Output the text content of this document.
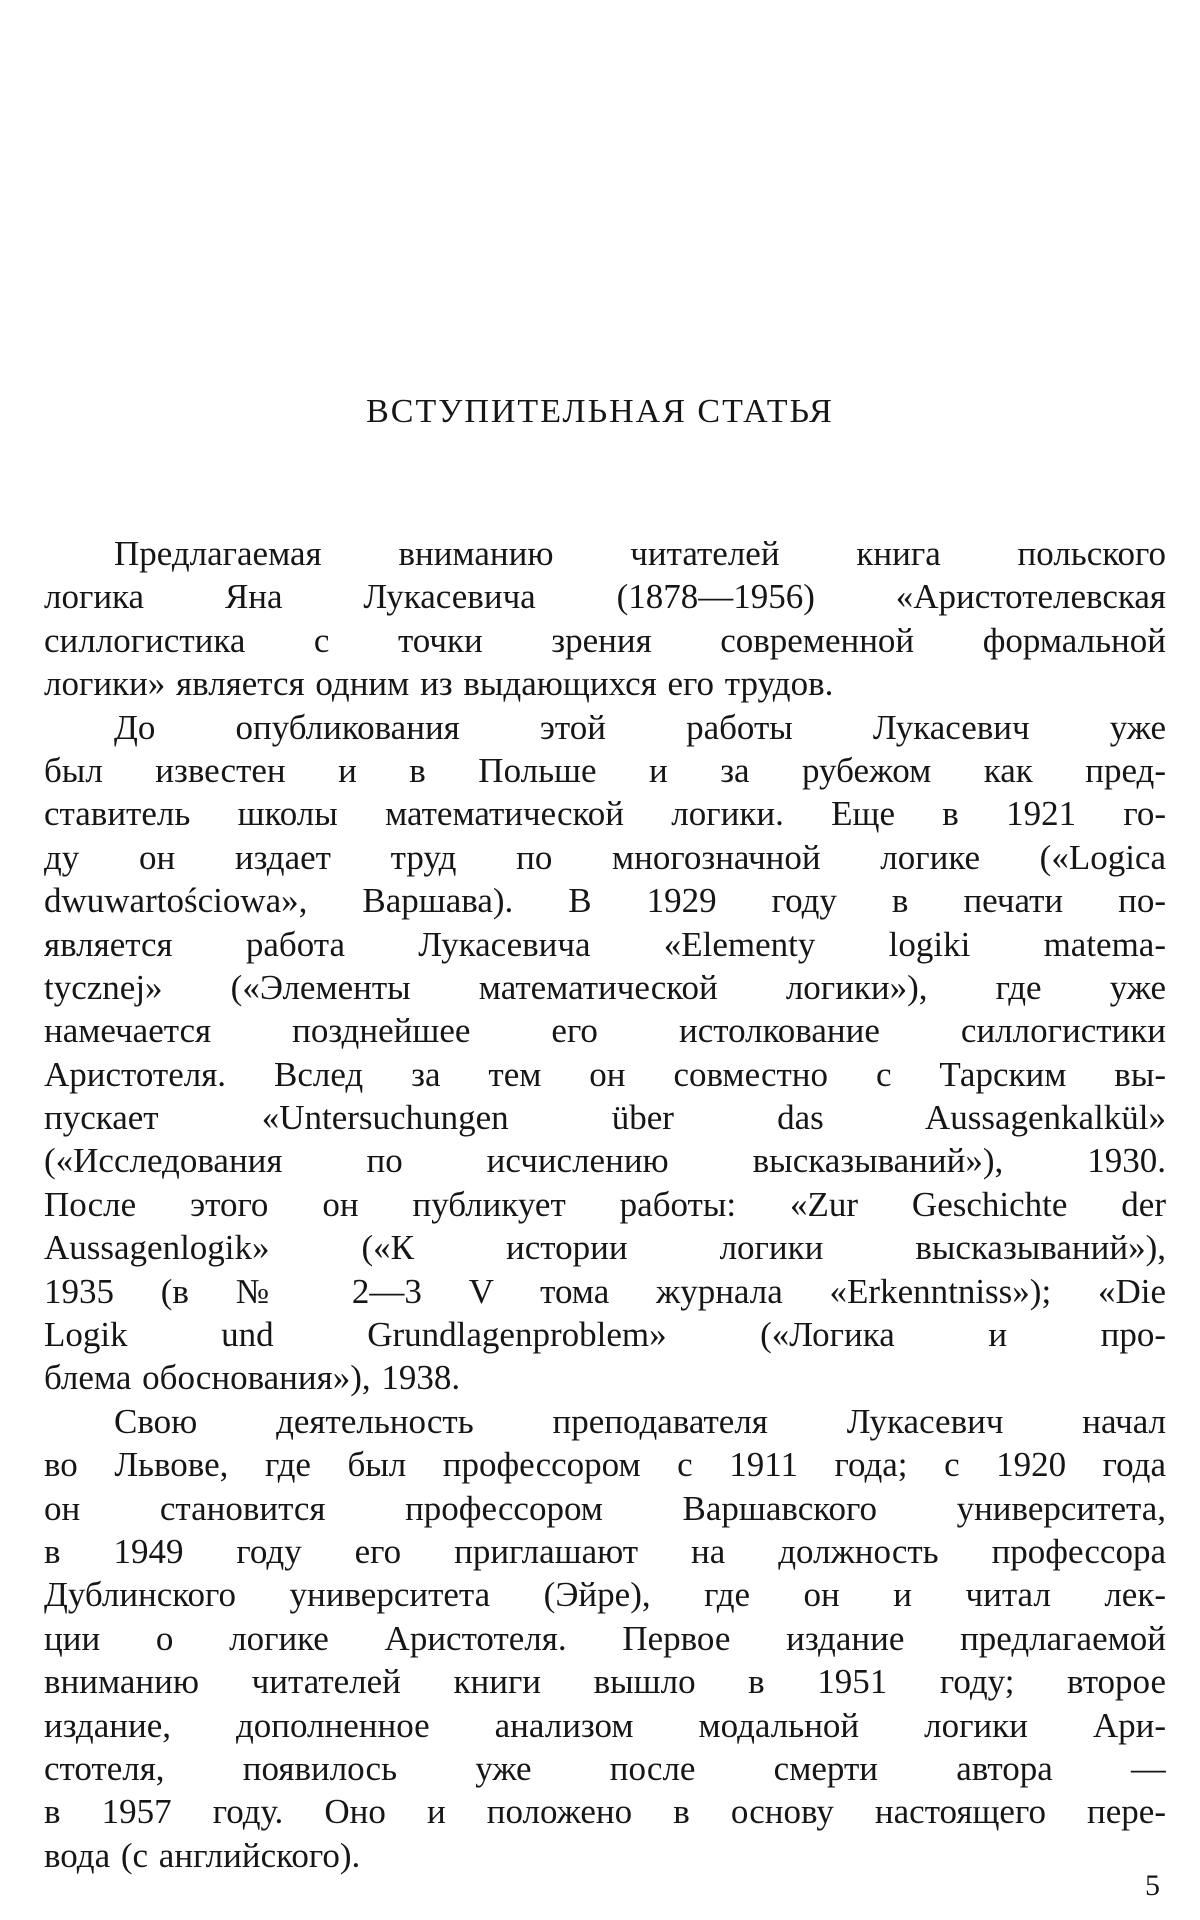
ВСТУПИТЕЛЬНАЯ СТАТЬЯ
Предлагаемая вниманию читателей книга польского
логика Яна Лукасевича (1878—1956) «Аристотелевская
силлогистика с точки зрения современной формальной
логики» является одним из выдающихся его трудов.
До опубликования этой работы Лукасевич уже
был известен и в Польше и за рубежом как пред-
ставитель школы математической логики. Еще в 1921 го-
ду он издает труд по многозначной логике («Logica
dwuwartościowa», Варшава). В 1929 году в печати по-
является работа Лукасевича «Elementy logiki matema-
tycznej» («Элементы математической логики»), где уже
намечается позднейшее его истолкование силлогистики
Аристотеля. Вслед за тем он совместно с Тарским вы-
пускает «Untersuchungen über das Aussagenkalkül»
(«Исследования по исчислению высказываний»), 1930.
После этого он публикует работы: «Zur Geschichte der
Aussagenlogik» («К истории логики высказываний»),
1935 (в № 2—3 V тома журнала «Erkenntniss»); «Die
Logik und Grundlagenproblem» («Логика и про-
блема обоснования»), 1938.
Свою деятельность преподавателя Лукасевич начал
во Львове, где был профессором с 1911 года; с 1920 года
он становится профессором Варшавского университета,
в 1949 году его приглашают на должность профессора
Дублинского университета (Эйре), где он и читал лек-
ции о логике Аристотеля. Первое издание предлагаемой
вниманию читателей книги вышло в 1951 году; второе
издание, дополненное анализом модальной логики Ари-
стотеля, появилось уже после смерти автора —
в 1957 году. Оно и положено в основу настоящего пере-
вода (с английского).
5
